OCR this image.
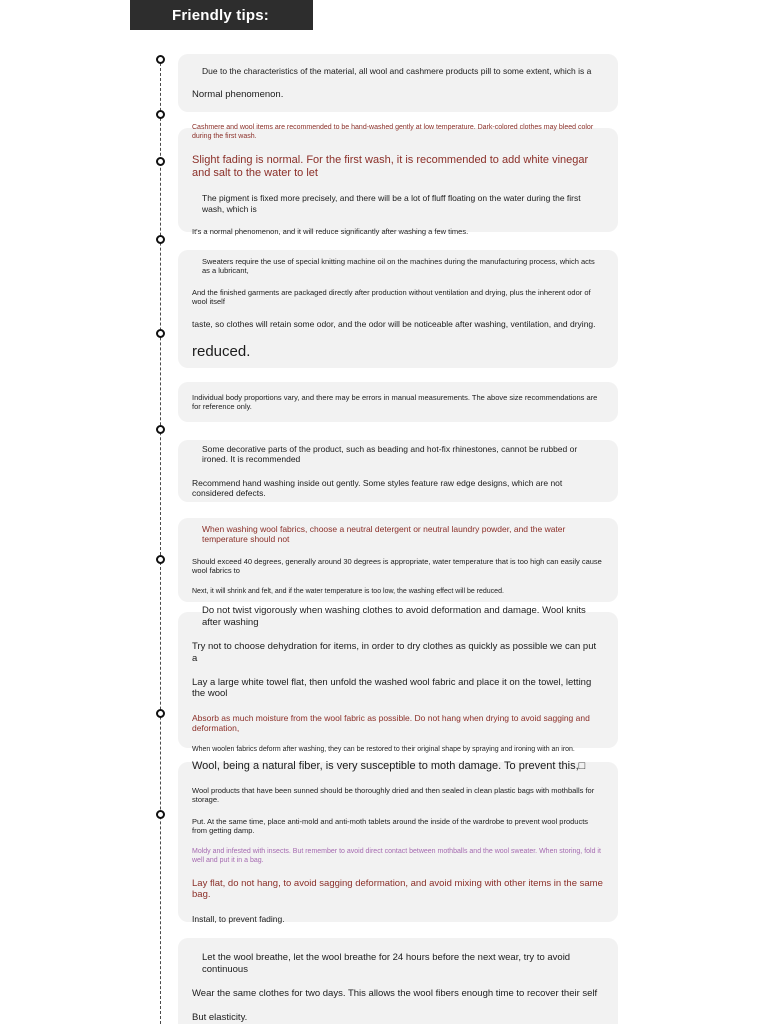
Friendly tips:
Due to the characteristics of the material, all wool and cashmere products pill to some extent, which is a
Normal phenomenon.
Cashmere and wool items are recommended to be hand-washed gently at low temperature. Dark-colored clothes may bleed color during the first wash.
Slight fading is normal. For the first wash, it is recommended to add white vinegar and salt to the water to let
The pigment is fixed more precisely, and there will be a lot of fluff floating on the water during the first wash, which is
It's a normal phenomenon, and it will reduce significantly after washing a few times.
Sweaters require the use of special knitting machine oil on the machines during the manufacturing process, which acts as a lubricant,
And the finished garments are packaged directly after production without ventilation and drying, plus the inherent odor of wool itself
taste, so clothes will retain some odor, and the odor will be noticeable after washing, ventilation, and drying.
reduced.
Individual body proportions vary, and there may be errors in manual measurements. The above size recommendations are for reference only.
Some decorative parts of the product, such as beading and hot-fix rhinestones, cannot be rubbed or ironed. It is recommended
Recommend hand washing inside out gently. Some styles feature raw edge designs, which are not considered defects.
When washing wool fabrics, choose a neutral detergent or neutral laundry powder, and the water temperature should not
Should exceed 40 degrees, generally around 30 degrees is appropriate, water temperature that is too high can easily cause wool fabrics to
Next, it will shrink and felt, and if the water temperature is too low, the washing effect will be reduced.
Do not twist vigorously when washing clothes to avoid deformation and damage. Wool knits after washing
Try not to choose dehydration for items, in order to dry clothes as quickly as possible we can put a
Lay a large white towel flat, then unfold the washed wool fabric and place it on the towel, letting the wool
Absorb as much moisture from the wool fabric as possible. Do not hang when drying to avoid sagging and deformation,
When woolen fabrics deform after washing, they can be restored to their original shape by spraying and ironing with an iron.
Wool, being a natural fiber, is very susceptible to moth damage. To prevent this,□
Wool products that have been sunned should be thoroughly dried and then sealed in clean plastic bags with mothballs for storage.
Put. At the same time, place anti-mold and anti-moth tablets around the inside of the wardrobe to prevent wool products from getting damp.
Moldy and infested with insects. But remember to avoid direct contact between mothballs and the wool sweater. When storing, fold it well and put it in a bag.
Lay flat, do not hang, to avoid sagging deformation, and avoid mixing with other items in the same bag.
Install, to prevent fading.
Let the wool breathe, let the wool breathe for 24 hours before the next wear, try to avoid continuous
Wear the same clothes for two days. This allows the wool fibers enough time to recover their self
But elasticity.
